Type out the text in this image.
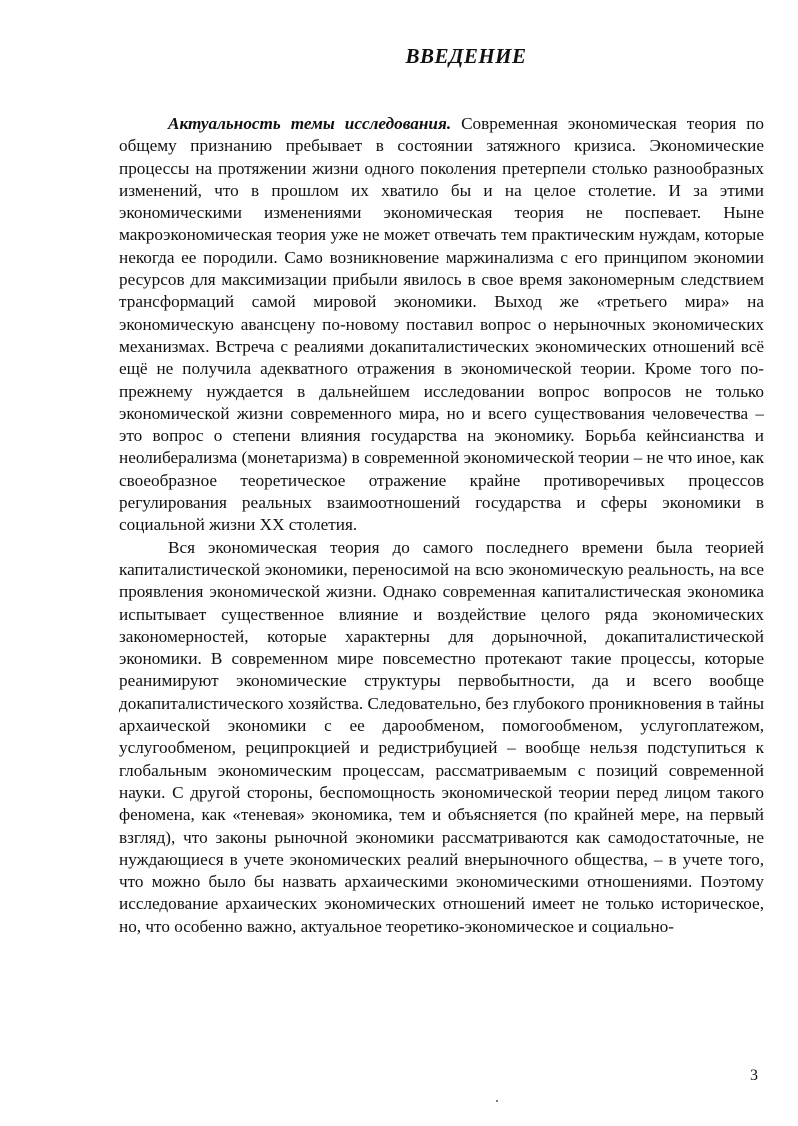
ВВЕДЕНИЕ

Актуальность темы исследования. Современная экономическая теория по общему признанию пребывает в состоянии затяжного кризиса. Экономические процессы на протяжении жизни одного поколения претерпели столько разнообразных изменений, что в прошлом их хватило бы и на целое столетие. И за этими экономическими изменениями экономическая теория не поспевает. Ныне макроэкономическая теория уже не может отвечать тем практическим нуждам, которые некогда ее породили. Само возникновение маржинализма с его принципом экономии ресурсов для максимизации прибыли явилось в свое время закономерным следствием трансформаций самой мировой экономики. Выход же «третьего мира» на экономическую авансцену по-новому поставил вопрос о нерыночных экономических механизмах. Встреча с реалиями докапиталистических экономических отношений всё ещё не получила адекватного отражения в экономической теории. Кроме того по-прежнему нуждается в дальнейшем исследовании вопрос вопросов не только экономической жизни современного мира, но и всего существования человечества – это вопрос о степени влияния государства на экономику. Борьба кейнсианства и неолиберализма (монетаризма) в современной экономической теории – не что иное, как своеобразное теоретическое отражение крайне противоречивых процессов регулирования реальных взаимоотношений государства и сферы экономики в социальной жизни XX столетия.

Вся экономическая теория до самого последнего времени была теорией капиталистической экономики, переносимой на всю экономическую реальность, на все проявления экономической жизни. Однако современная капиталистическая экономика испытывает существенное влияние и воздействие целого ряда экономических закономерностей, которые характерны для дорыночной, докапиталистической экономики. В современном мире повсеместно протекают такие процессы, которые реанимируют экономические структуры первобытности, да и всего вообще докапиталистического хозяйства. Следовательно, без глубокого проникновения в тайны архаической экономики с ее дарообменом, помогообменом, услугоплатежом, услугообменом, реципрокцией и редистрибуцией – вообще нельзя подступиться к глобальным экономическим процессам, рассматриваемым с позиций современной науки. С другой стороны, беспомощность экономической теории перед лицом такого феномена, как «теневая» экономика, тем и объясняется (по крайней мере, на первый взгляд), что законы рыночной экономики рассматриваются как самодостаточные, не нуждающиеся в учете экономических реалий внерыночного общества, – в учете того, что можно было бы назвать архаическими экономическими отношениями. Поэтому исследование архаических экономических отношений имеет не только историческое, но, что особенно важно, актуальное теоретико-экономическое и социально-

3
